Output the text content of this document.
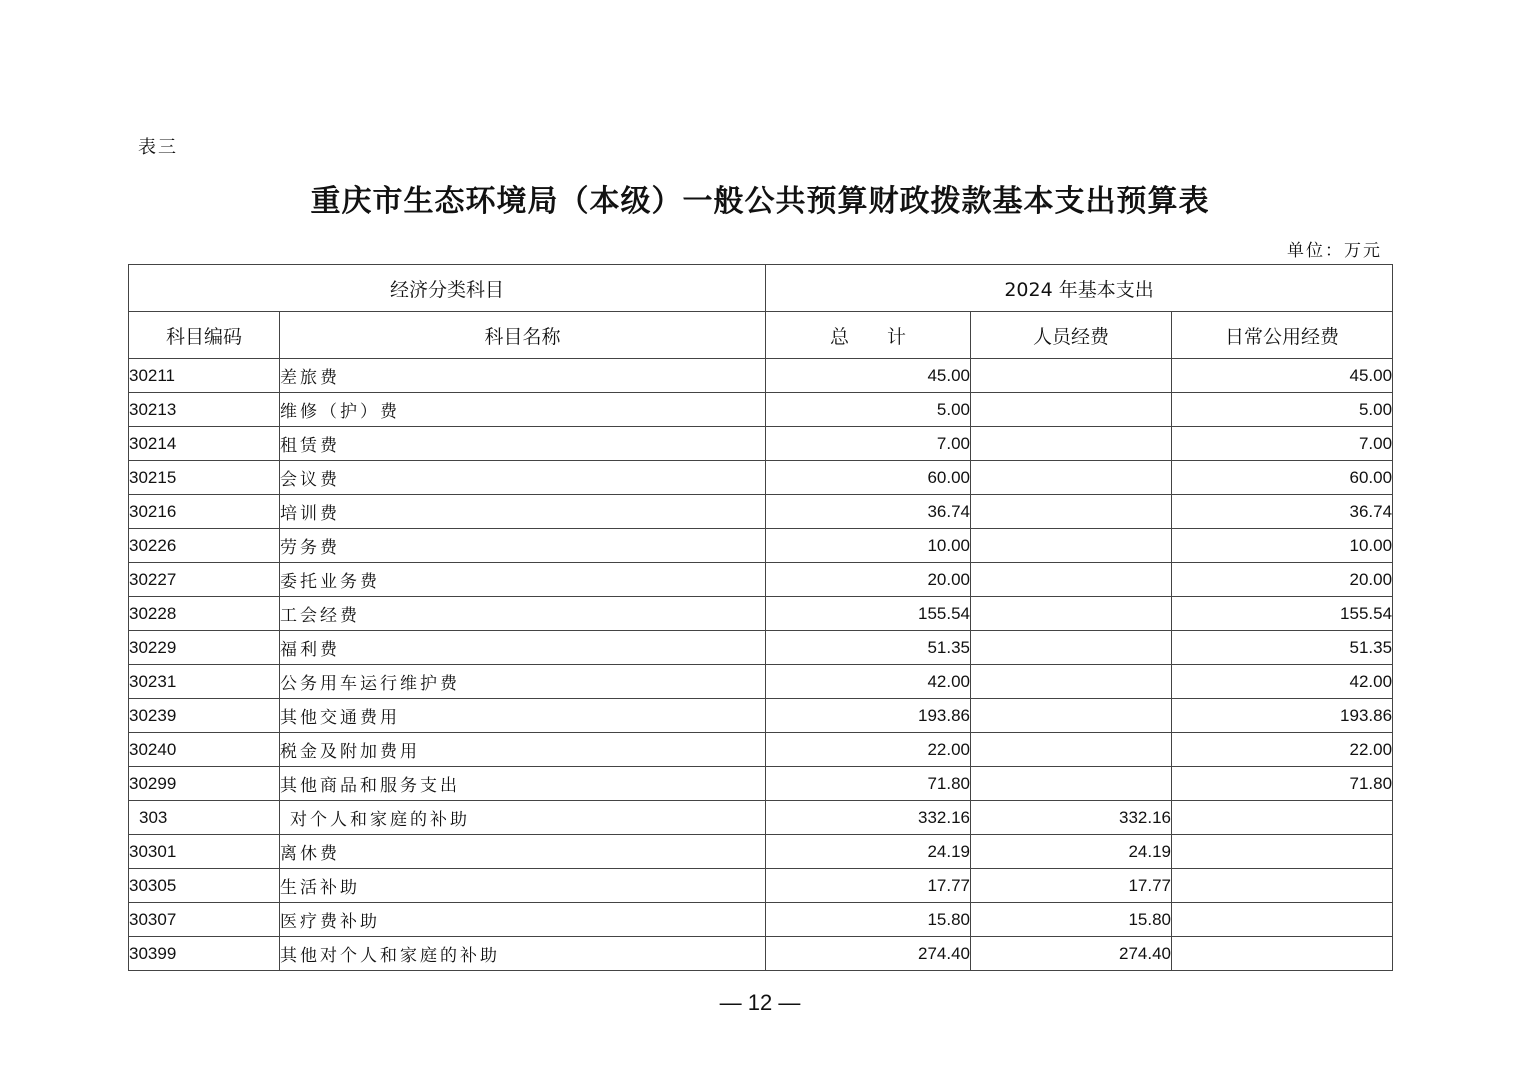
表三
重庆市生态环境局（本级）一般公共预算财政拨款基本支出预算表
单位：万元
经济分类科目		2024 年基本支出		
科目编码	科目名称	总　　计	人员经费	日常公用经费
30211	差旅费	45.00		45.00
30213	维修（护）费	5.00		5.00
30214	租赁费	7.00		7.00
30215	会议费	60.00		60.00
30216	培训费	36.74		36.74
30226	劳务费	10.00		10.00
30227	委托业务费	20.00		20.00
30228	工会经费	155.54		155.54
30229	福利费	51.35		51.35
30231	公务用车运行维护费	42.00		42.00
30239	其他交通费用	193.86		193.86
30240	税金及附加费用	22.00		22.00
30299	其他商品和服务支出	71.80		71.80
303	对个人和家庭的补助	332.16	332.16	
30301	离休费	24.19	24.19	
30305	生活补助	17.77	17.77	
30307	医疗费补助	15.80	15.80	
30399	其他对个人和家庭的补助	274.40	274.40	
— 12 —
